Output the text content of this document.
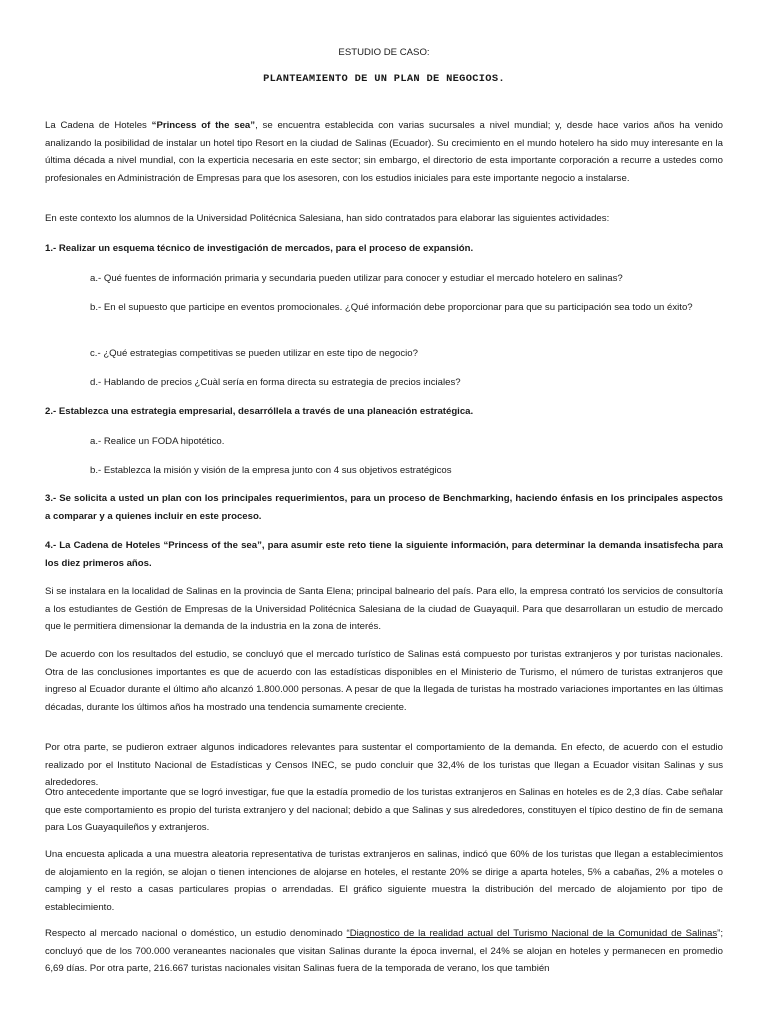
ESTUDIO DE CASO:
PLANTEAMIENTO DE UN PLAN DE NEGOCIOS.

La Cadena de Hoteles “Princess of the sea”, se encuentra establecida con varias sucursales a nivel mundial; y, desde hace varios años ha venido analizando la posibilidad de instalar un hotel tipo Resort en la ciudad de Salinas (Ecuador). Su crecimiento en el mundo hotelero ha sido muy interesante en la última década a nivel mundial, con la experticia necesaria en este sector; sin embargo, el directorio de esta importante corporación a recurre a ustedes como profesionales en Administración de Empresas para que los asesoren, con los estudios iniciales para este importante negocio a instalarse.

En este contexto los alumnos de la Universidad Politécnica Salesiana, han sido contratados para elaborar las siguientes actividades:

1.- Realizar un esquema técnico de investigación de mercados, para el proceso de expansión.

a.- Qué fuentes de información primaria y secundaria pueden utilizar para conocer y estudiar el mercado hotelero en salinas?

b.- En el supuesto que participe en eventos promocionales. ¿Qué información debe proporcionar para que su participación sea todo un éxito?

c.- ¿Qué estrategias competitivas se pueden utilizar en este tipo de negocio?

d.- Hablando de precios ¿Cuàl sería en forma directa su estrategia de precios inciales?

2.- Establezca una estrategia empresarial, desarróllela a través de una planeación estratégica.

a.- Realice un FODA hipotético.

b.- Establezca la misión y visión de la empresa junto con 4 sus objetivos estratégicos

3.- Se solicita a usted un plan con los principales requerimientos, para un proceso de Benchmarking, haciendo énfasis en los principales aspectos a comparar y a quienes incluir en este proceso.

4.- La Cadena de Hoteles “Princess of the sea”, para asumir este reto tiene la siguiente información, para determinar la demanda insatisfecha para los diez primeros años.

Si se instalara en la localidad de Salinas en la provincia de Santa Elena; principal balneario del país. Para ello, la empresa contrató los servicios de consultoría a los estudiantes de Gestión de Empresas de la Universidad Politécnica Salesiana de la ciudad de Guayaquil. Para que desarrollaran un estudio de mercado que le permitiera dimensionar la demanda de la industria en la zona de interés.

De acuerdo con los resultados del estudio, se concluyó que el mercado turístico de Salinas está compuesto por turistas extranjeros y por turistas nacionales. Otra de las conclusiones importantes es que de acuerdo con las estadísticas disponibles en el Ministerio de Turismo, el número de turistas extranjeros que ingreso al Ecuador durante el último año alcanzó 1.800.000 personas. A pesar de que la llegada de turistas ha mostrado variaciones importantes en las últimas décadas, durante los últimos años ha mostrado una tendencia sumamente creciente.

Por otra parte, se pudieron extraer algunos indicadores relevantes para sustentar el comportamiento de la demanda. En efecto, de acuerdo con el estudio realizado por el Instituto Nacional de Estadísticas y Censos INEC, se pudo concluir que 32,4% de los turistas que llegan a Ecuador visitan Salinas y sus alrededores.

Otro antecedente importante que se logró investigar, fue que la estadía promedio de los turistas extranjeros en Salinas en hoteles es de 2,3 días. Cabe señalar que este comportamiento es propio del turista extranjero y del nacional; debido a que Salinas y sus alrededores, constituyen el típico destino de fin de semana para Los Guayaquileños y extranjeros.

Una encuesta aplicada a una muestra aleatoria representativa de turistas extranjeros en salinas, indicó que 60% de los turistas que llegan a establecimientos de alojamiento en la región, se alojan o tienen intenciones de alojarse en hoteles, el restante 20% se dirige a aparta hoteles, 5% a cabañas, 2% a moteles o camping y el resto a casas particulares propias o arrendadas. El gráfico siguiente muestra la distribución del mercado de alojamiento por tipo de establecimiento.

Respecto al mercado nacional o doméstico, un estudio denominado “Diagnostico de la realidad actual del Turismo Nacional de la Comunidad de Salinas”; concluyó que de los 700.000 veraneantes nacionales que visitan Salinas durante la época invernal, el 24% se alojan en hoteles y permanecen en promedio 6,69 días. Por otra parte, 216.667 turistas nacionales visitan Salinas fuera de la temporada de verano, los que también
